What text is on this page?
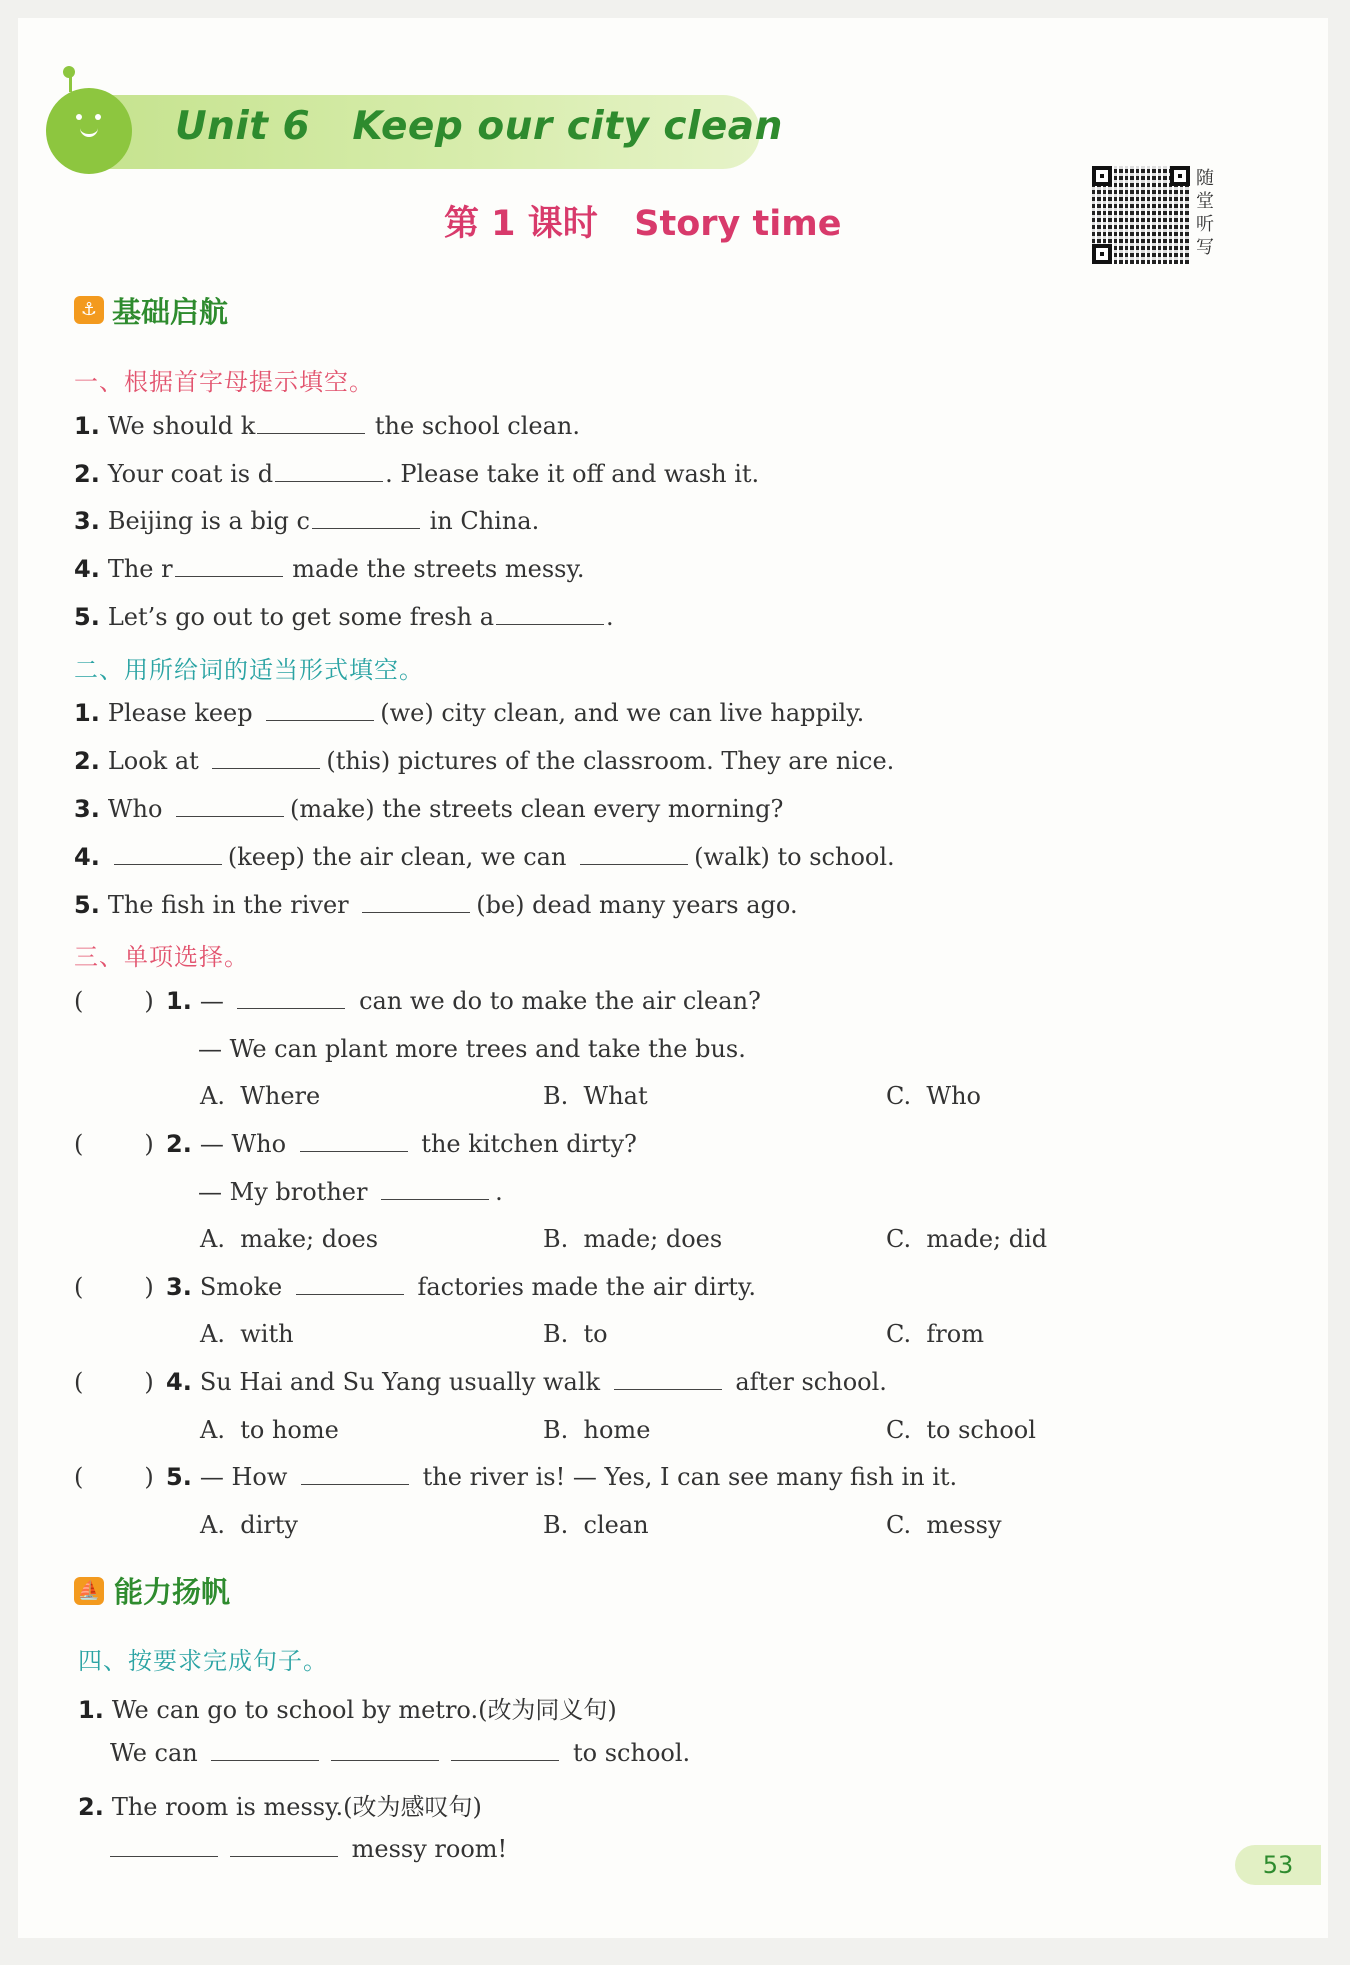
Unit 6   Keep our city clean
第 1 课时   Story time
随堂听写
⚓ 基础启航
一、根据首字母提示填空。
1. We should k	the school clean.
2. Your coat is d	. Please take it off and wash it.
3. Beijing is a big c	in China.
4. The r	made the streets messy.
5. Let’s go out to get some fresh a	.
二、用所给词的适当形式填空。
1. Please keep	(we) city clean, and we can live happily.
2. Look at	(this) pictures of the classroom. They are nice.
3. Who	(make) the streets clean every morning?
4.	(keep) the air clean, we can	(walk) to school.
5. The fish in the river	(be) dead many years ago.
三、单项选择。
(        ) 1. —	can we do to make the air clean?
— We can plant more trees and take the bus.
A.  Where	B.  What	C.  Who
(        ) 2. — Who	the kitchen dirty?
— My brother	.
A.  make; does	B.  made; does	C.  made; did
(        ) 3. Smoke	factories made the air dirty.
A.  with	B.  to	C.  from
(        ) 4. Su Hai and Su Yang usually walk	after school.
A.  to home	B.  home	C.  to school
(        ) 5. — How	the river is! — Yes, I can see many fish in it.
A.  dirty	B.  clean	C.  messy
⛵ 能力扬帆
四、按要求完成句子。
1. We can go to school by metro.(改为同义句)
We can	to school.
2. The room is messy.(改为感叹句)
messy room!
53
